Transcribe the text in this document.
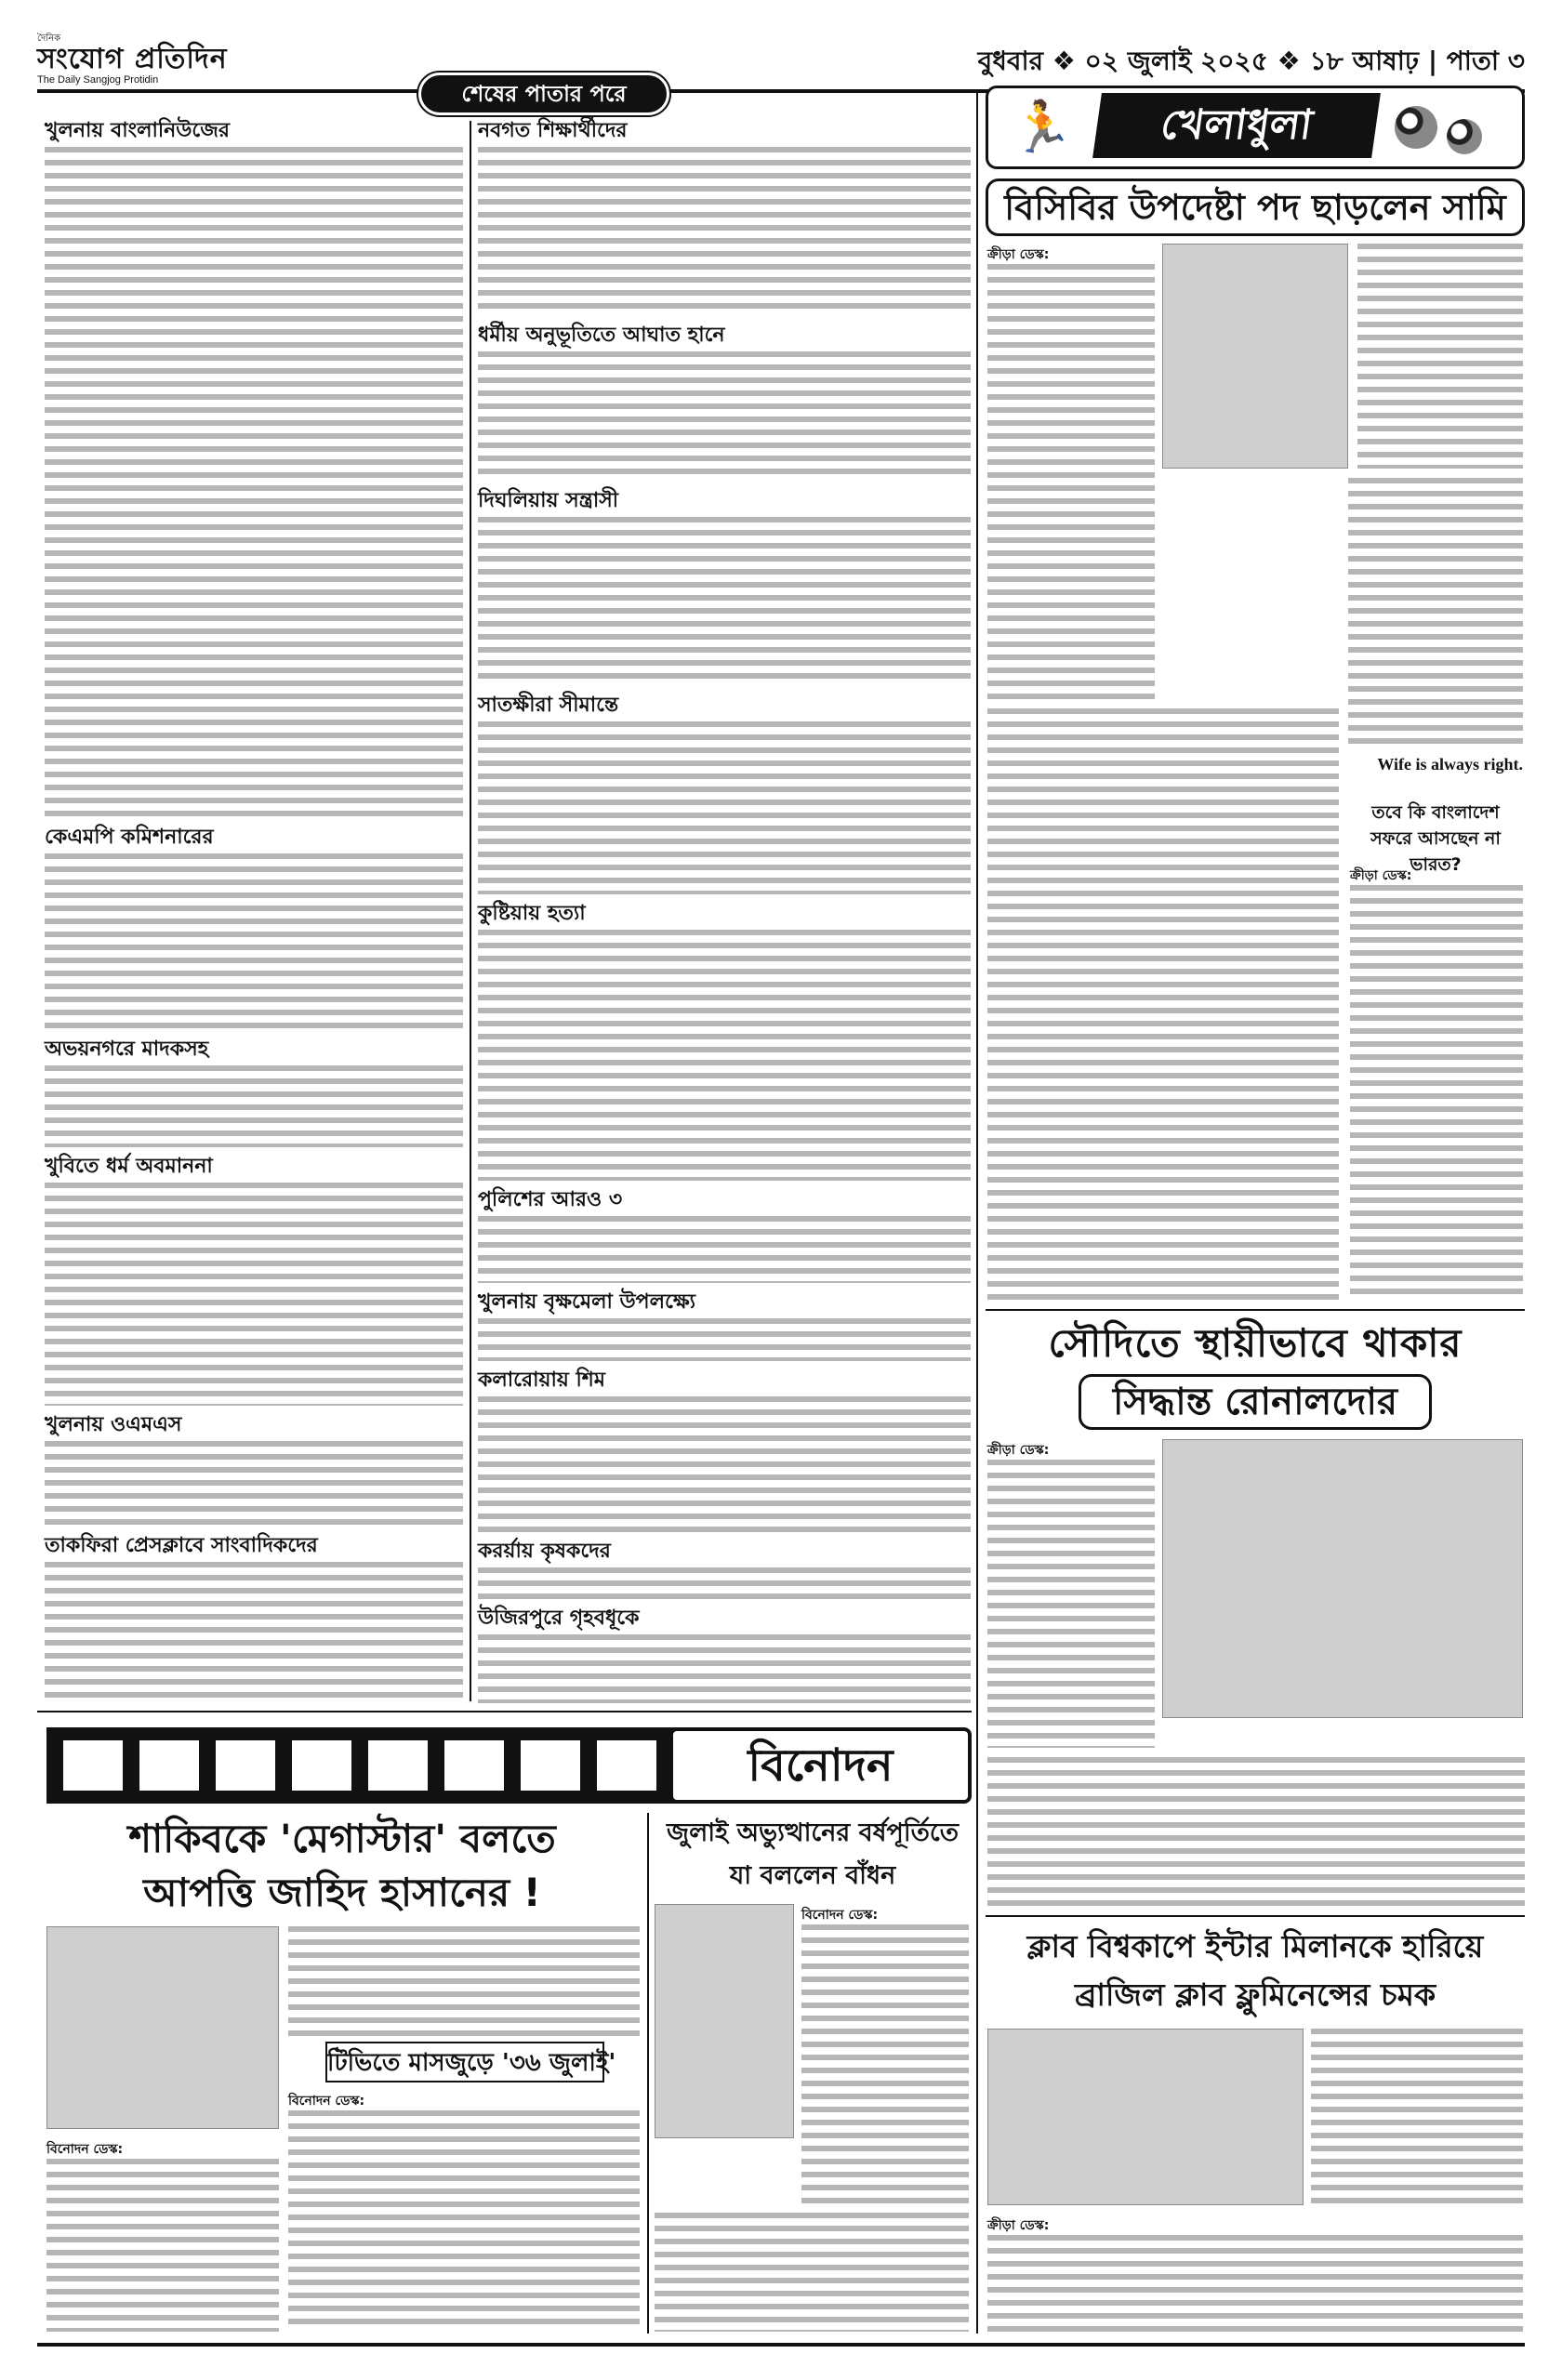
দৈনিক
সংযোগ প্রতিদিন
The Daily Sangjog Protidin
বুধবার ❖ ০২ জুলাই ২০২৫ ❖ ১৮ আষাঢ় | পাতা ৩
শেষের পাতার পরে
খুলনায় বাংলানিউজের
কেএমপি কমিশনারের
অভয়নগরে মাদকসহ
খুবিতে ধর্ম অবমাননা
খুলনায় ওএমএস
তাকফিরা প্রেসক্লাবে সাংবাদিকদের
নবগত শিক্ষার্থীদের
ধর্মীয় অনুভূতিতে আঘাত হানে
দিঘলিয়ায় সন্ত্রাসী
সাতক্ষীরা সীমান্তে
কুষ্টিয়ায় হত্যা
পুলিশের আরও ৩
খুলনায় বৃক্ষমেলা উপলক্ষ্যে
কলারোয়ায় শিম
করর্য়ায় কৃষকদের
উজিরপুরে গৃহবধূকে
🏃	খেলাধুলা
বিসিবির উপদেষ্টা পদ ছাড়লেন সামি
ক্রীড়া ডেস্ক:
Wife is always right.
তবে কি বাংলাদেশ সফরে আসছেন না ভারত?
ক্রীড়া ডেস্ক:
সৌদিতে স্থায়ীভাবে থাকার
সিদ্ধান্ত রোনালদোর
ক্রীড়া ডেস্ক:
ক্লাব বিশ্বকাপে ইন্টার মিলানকে হারিয়ে
ব্রাজিল ক্লাব ফ্লুমিনেন্সের চমক
ক্রীড়া ডেস্ক:
বিনোদন
শাকিবকে 'মেগাস্টার' বলতে
আপত্তি জাহিদ হাসানের !
জুলাই অভ্যুত্থানের বর্ষপূর্তিতে
যা বললেন বাঁধন
টিভিতে মাসজুড়ে '৩৬ জুলাই'
বিনোদন ডেস্ক:
বিনোদন ডেস্ক:
বিনোদন ডেস্ক:
